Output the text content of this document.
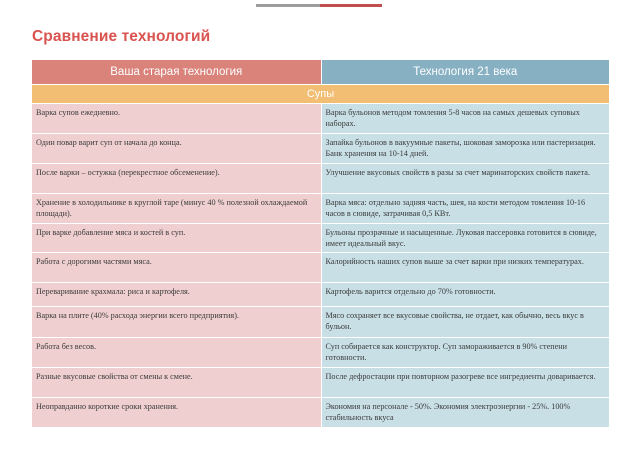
Сравнение технологий
Ваша старая технология	Технология 21 века
Супы	
Варка супов ежедневно.	Варка бульонов методом томления 5-8 часов на самых дешевых суповых наборах.
Один повар варит суп от начала до конца.	Запайка бульонов в вакуумные пакеты, шоковая заморозка или пастеризация. Банк хранения на 10-14 дней.
После варки – остужка (перекрестное обсеменение).	Улучшение вкусовых свойств в разы за счет маринаторских свойств пакета.
Хранение в холодильнике в круглой таре (минус 40 % полезной охлаждаемой площади).	Варка мяса: отдельно задняя часть, шея, на кости методом томления 10-16 часов в сювиде, затрачивая 0,5 КВт.
При варке добавление мяса и костей в суп.	Бульоны прозрачные и насыщенные. Луковая пассеровка готовится в сювиде, имеет идеальный вкус.
Работа с дорогими частями мяса.	Калорийность наших супов выше за счет варки при низких температурах.
Переваривание крахмала: риса и картофеля.	Картофель варится отдельно до 70% готовности.
Варка на плите (40% расхода энергии всего предприятия).	Мясо сохраняет все вкусовые свойства, не отдает, как обычно, весь вкус в бульон.
Работа без весов.	Суп собирается как конструктор. Суп замораживается в 90% степени готовности.
Разные вкусовые свойства от смены к смене.	После дефростации при повторном разогреве все ингредиенты доваривается.
Неоправданно короткие сроки хранения.	Экономия на персонале - 50%. Экономия электроэнергии - 25%. 100% стабильность вкуса
